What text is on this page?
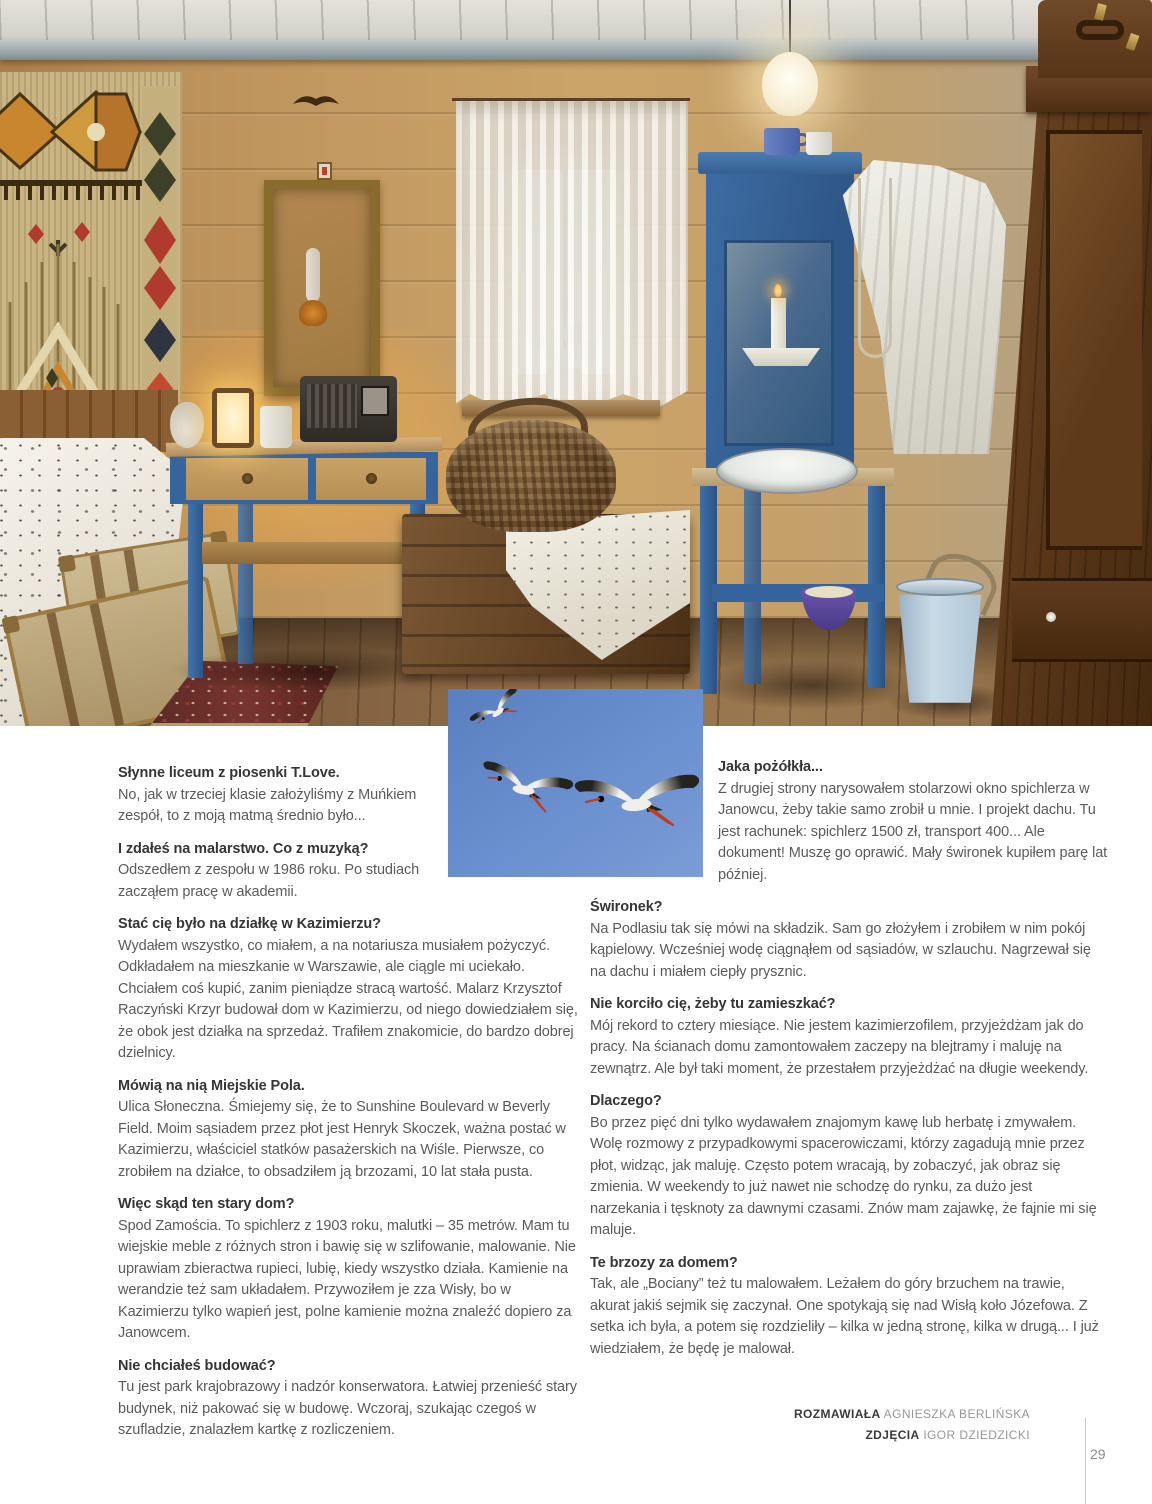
Słynne liceum z piosenki T.Love.

No, jak w trzeciej klasie założyliśmy z Muńkiem zespół, to z moją matmą średnio było...

I zdałeś na malarstwo. Co z muzyką?

Odszedłem z zespołu w 1986 roku. Po studiach zacząłem pracę w akademii.

Stać cię było na działkę w Kazimierzu?

Wydałem wszystko, co miałem, a na notariusza musiałem pożyczyć. Odkładałem na mieszkanie w Warszawie, ale ciągle mi uciekało. Chciałem coś kupić, zanim pieniądze stracą wartość. Malarz Krzysztof Raczyński Krzyr budował dom w Kazimierzu, od niego dowiedziałem się, że obok jest działka na sprzedaż. Trafiłem znakomicie, do bardzo dobrej dzielnicy.

Mówią na nią Miejskie Pola.

Ulica Słoneczna. Śmiejemy się, że to Sunshine Boulevard w Beverly Field. Moim sąsiadem przez płot jest Henryk Skoczek, ważna postać w Kazimierzu, właściciel statków pasażerskich na Wiśle. Pierwsze, co zrobiłem na działce, to obsadziłem ją brzozami, 10 lat stała pusta.

Więc skąd ten stary dom?

Spod Zamościa. To spichlerz z 1903 roku, malutki – 35 metrów. Mam tu wiejskie meble z różnych stron i bawię się w szlifowanie, malowanie. Nie uprawiam zbieractwa rupieci, lubię, kiedy wszystko działa. Kamienie na werandzie też sam układałem. Przywoziłem je zza Wisły, bo w Kazimierzu tylko wapień jest, polne kamienie można znaleźć dopiero za Janowcem.

Nie chciałeś budować?

Tu jest park krajobrazowy i nadzór konserwatora. Łatwiej przenieść stary budynek, niż pakować się w budowę. Wczoraj, szukając czegoś w szufladzie, znalazłem kartkę z rozliczeniem.

Jaka pożółkła...

Z drugiej strony narysowałem stolarzowi okno spichlerza w Janowcu, żeby takie samo zrobił u mnie. I projekt dachu. Tu jest rachunek: spichlerz 1500 zł, transport 400... Ale dokument! Muszę go oprawić. Mały świronek kupiłem parę lat później.

Świronek?

Na Podlasiu tak się mówi na składzik. Sam go złożyłem i zrobiłem w nim pokój kąpielowy. Wcześniej wodę ciągnąłem od sąsiadów, w szlauchu. Nagrzewał się na dachu i miałem ciepły prysznic.

Nie korciło cię, żeby tu zamieszkać?

Mój rekord to cztery miesiące. Nie jestem kazimierzofilem, przyjeżdżam jak do pracy. Na ścianach domu zamontowałem zaczepy na blejtramy i maluję na zewnątrz. Ale był taki moment, że przestałem przyjeżdżać na długie weekendy.

Dlaczego?

Bo przez pięć dni tylko wydawałem znajomym kawę lub herbatę i zmywałem. Wolę rozmowy z przypadkowymi spacerowiczami, którzy zagadują mnie przez płot, widząc, jak maluję. Często potem wracają, by zobaczyć, jak obraz się zmienia. W weekendy to już nawet nie schodzę do rynku, za dużo jest narzekania i tęsknoty za dawnymi czasami. Znów mam zajawkę, że fajnie mi się maluje.

Te brzozy za domem?

Tak, ale „Bociany” też tu malowałem. Leżałem do góry brzuchem na trawie, akurat jakiś sejmik się zaczynał. One spotykają się nad Wisłą koło Józefowa. Z setka ich była, a potem się rozdzieliły – kilka w jedną stronę, kilka w drugą... I już wiedziałem, że będę je malował.

ROZMAWIAŁA AGNIESZKA BERLIŃSKA
ZDJĘCIA IGOR DZIEDZICKI
29
